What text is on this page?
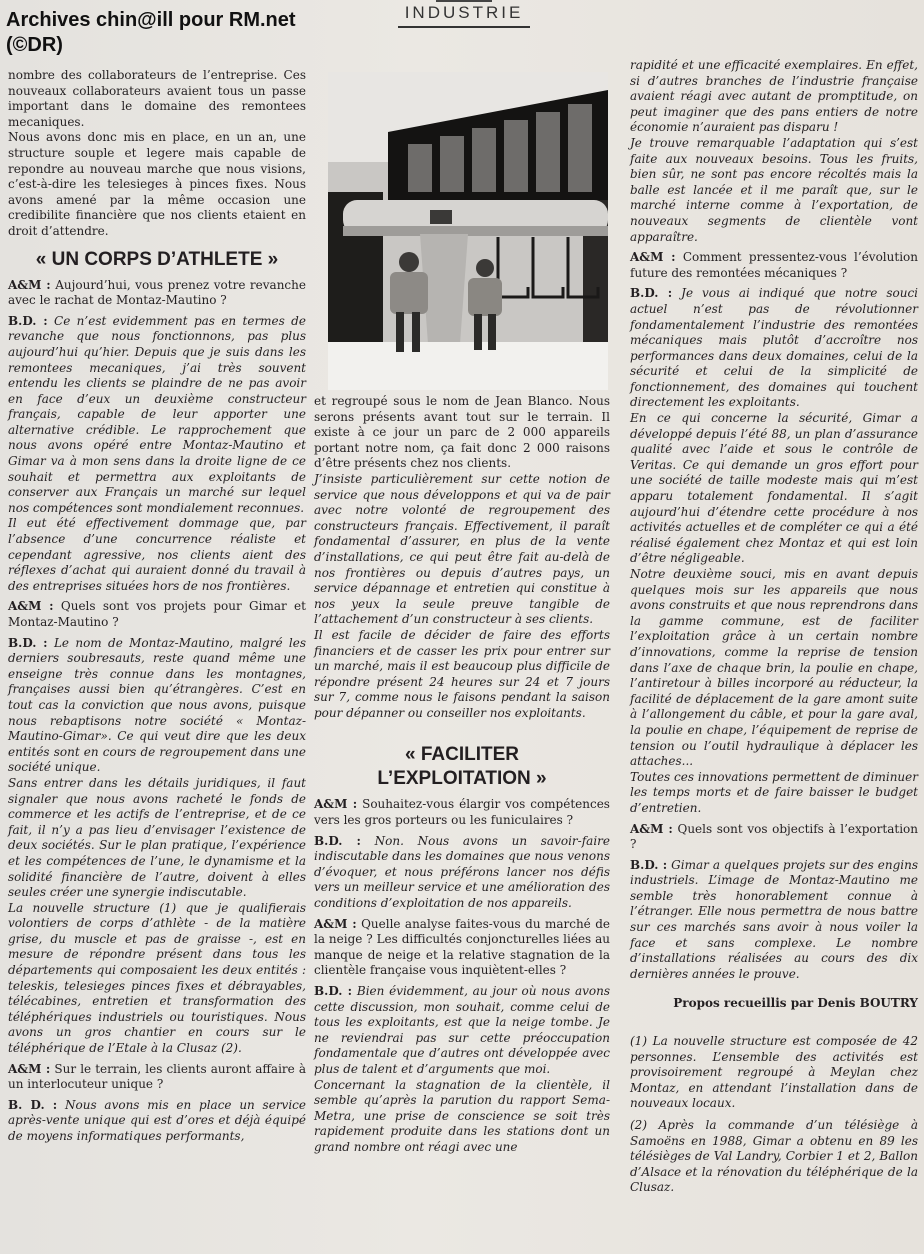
Archives chin@ill pour RM.net
(©DR)
INDUSTRIE

nombre des collaborateurs de l’entreprise. Ces nouveaux collaborateurs avaient tous un passe important dans le domaine des remontees mecaniques.

Nous avons donc mis en place, en un an, une structure souple et legere mais capable de repondre au nouveau marche que nous visions, c’est-à-dire les telesieges à pinces fixes. Nous avons amené par la même occasion une credibilite financière que nos clients etaient en droit d’attendre.

« UN CORPS D’ATHLETE »

A&M : Aujourd’hui, vous prenez votre revanche avec le rachat de Montaz-Mautino ?

B.D. : Ce n’est evidemment pas en termes de revanche que nous fonctionnons, pas plus aujourd’hui qu’hier. Depuis que je suis dans les remontees mecaniques, j’ai très souvent entendu les clients se plaindre de ne pas avoir en face d’eux un deuxième constructeur français, capable de leur apporter une alternative crédible. Le rapprochement que nous avons opéré entre Montaz-Mautino et Gimar va à mon sens dans la droite ligne de ce souhait et permettra aux exploitants de conserver aux Français un marché sur lequel nos compétences sont mondialement reconnues.

Il eut été effectivement dommage que, par l’absence d’une concurrence réaliste et cependant agressive, nos clients aient des réflexes d’achat qui auraient donné du travail à des entreprises situées hors de nos frontières.

A&M : Quels sont vos projets pour Gimar et Montaz-Mautino ?

B.D. : Le nom de Montaz-Mautino, malgré les derniers soubresauts, reste quand même une enseigne très connue dans les montagnes, françaises aussi bien qu’étrangères. C’est en tout cas la conviction que nous avons, puisque nous rebaptisons notre société « Montaz-Mautino-Gimar». Ce qui veut dire que les deux entités sont en cours de regroupement dans une société unique.

Sans entrer dans les détails juridiques, il faut signaler que nous avons racheté le fonds de commerce et les actifs de l’entreprise, et de ce fait, il n’y a pas lieu d’envisager l’existence de deux sociétés. Sur le plan pratique, l’expérience et les compétences de l’une, le dynamisme et la solidité financière de l’autre, doivent à elles seules créer une synergie indiscutable.

La nouvelle structure (1) que je qualifierais volontiers de corps d’athlète - de la matière grise, du muscle et pas de graisse -, est en mesure de répondre présent dans tous les départements qui composaient les deux entités : teleskis, telesieges pinces fixes et débrayables, télécabines, entretien et transformation des téléphériques industriels ou touristiques. Nous avons un gros chantier en cours sur le téléphérique de l’Etale à la Clusaz (2).

A&M : Sur le terrain, les clients auront affaire à un interlocuteur unique ?

B. D. : Nous avons mis en place un service après-vente unique qui est d’ores et déjà équipé de moyens informatiques performants,

et regroupé sous le nom de Jean Blanco. Nous serons présents avant tout sur le terrain. Il existe à ce jour un parc de 2 000 appareils portant notre nom, ça fait donc 2 000 raisons d’être présents chez nos clients.

J’insiste particulièrement sur cette notion de service que nous développons et qui va de pair avec notre volonté de regroupement des constructeurs français. Effectivement, il paraît fondamental d’assurer, en plus de la vente d’installations, ce qui peut être fait au-delà de nos frontières ou depuis d’autres pays, un service dépannage et entretien qui constitue à nos yeux la seule preuve tangible de l’attachement d’un constructeur à ses clients.

Il est facile de décider de faire des efforts financiers et de casser les prix pour entrer sur un marché, mais il est beaucoup plus difficile de répondre présent 24 heures sur 24 et 7 jours sur 7, comme nous le faisons pendant la saison pour dépanner ou conseiller nos exploitants.

« FACILITER
L’EXPLOITATION »

A&M : Souhaitez-vous élargir vos compétences vers les gros porteurs ou les funiculaires ?

B.D. : Non. Nous avons un savoir-faire indiscutable dans les domaines que nous venons d’évoquer, et nous préférons lancer nos défis vers un meilleur service et une amélioration des conditions d’exploitation de nos appareils.

A&M : Quelle analyse faites-vous du marché de la neige ? Les difficultés conjoncturelles liées au manque de neige et la relative stagnation de la clientèle française vous inquiètent-elles ?

B.D. : Bien évidemment, au jour où nous avons cette discussion, mon souhait, comme celui de tous les exploitants, est que la neige tombe. Je ne reviendrai pas sur cette préoccupation fondamentale que d’autres ont développée avec plus de talent et d’arguments que moi.

Concernant la stagnation de la clientèle, il semble qu’après la parution du rapport Sema-Metra, une prise de conscience se soit très rapidement produite dans les stations dont un grand nombre ont réagi avec une

rapidité et une efficacité exemplaires. En effet, si d’autres branches de l’industrie française avaient réagi avec autant de promptitude, on peut imaginer que des pans entiers de notre économie n’auraient pas disparu !

Je trouve remarquable l’adaptation qui s’est faite aux nouveaux besoins. Tous les fruits, bien sûr, ne sont pas encore récoltés mais la balle est lancée et il me paraît que, sur le marché interne comme à l’exportation, de nouveaux segments de clientèle vont apparaître.

A&M : Comment pressentez-vous l’évolution future des remontées mécaniques ?

B.D. : Je vous ai indiqué que notre souci actuel n’est pas de révolutionner fondamentalement l’industrie des remontées mécaniques mais plutôt d’accroître nos performances dans deux domaines, celui de la sécurité et celui de la simplicité de fonctionnement, des domaines qui touchent directement les exploitants.

En ce qui concerne la sécurité, Gimar a développé depuis l’été 88, un plan d’assurance qualité avec l’aide et sous le contrôle de Veritas. Ce qui demande un gros effort pour une société de taille modeste mais qui m’est apparu totalement fondamental. Il s’agit aujourd’hui d’étendre cette procédure à nos activités actuelles et de compléter ce qui a été réalisé également chez Montaz et qui est loin d’être négligeable.

Notre deuxième souci, mis en avant depuis quelques mois sur les appareils que nous avons construits et que nous reprendrons dans la gamme commune, est de faciliter l’exploitation grâce à un certain nombre d’innovations, comme la reprise de tension dans l’axe de chaque brin, la poulie en chape, l’antiretour à billes incorporé au réducteur, la facilité de déplacement de la gare amont suite à l’allongement du câble, et pour la gare aval, la poulie en chape, l’équipement de reprise de tension ou l’outil hydraulique à déplacer les attaches...

Toutes ces innovations permettent de diminuer les temps morts et de faire baisser le budget d’entretien.

A&M : Quels sont vos objectifs à l’exportation ?

B.D. : Gimar a quelques projets sur des engins industriels. L’image de Montaz-Mautino me semble très honorablement connue à l’étranger. Elle nous permettra de nous battre sur ces marchés sans avoir à nous voiler la face et sans complexe. Le nombre d’installations réalisées au cours des dix dernières années le prouve.

Propos recueillis par Denis BOUTRY

(1) La nouvelle structure est composée de 42 personnes. L’ensemble des activités est provisoirement regroupé à Meylan chez Montaz, en attendant l’installation dans de nouveaux locaux.

(2) Après la commande d’un télésiège à Samoëns en 1988, Gimar a obtenu en 89 les télésièges de Val Landry, Corbier 1 et 2, Ballon d’Alsace et la rénovation du téléphérique de la Clusaz.
